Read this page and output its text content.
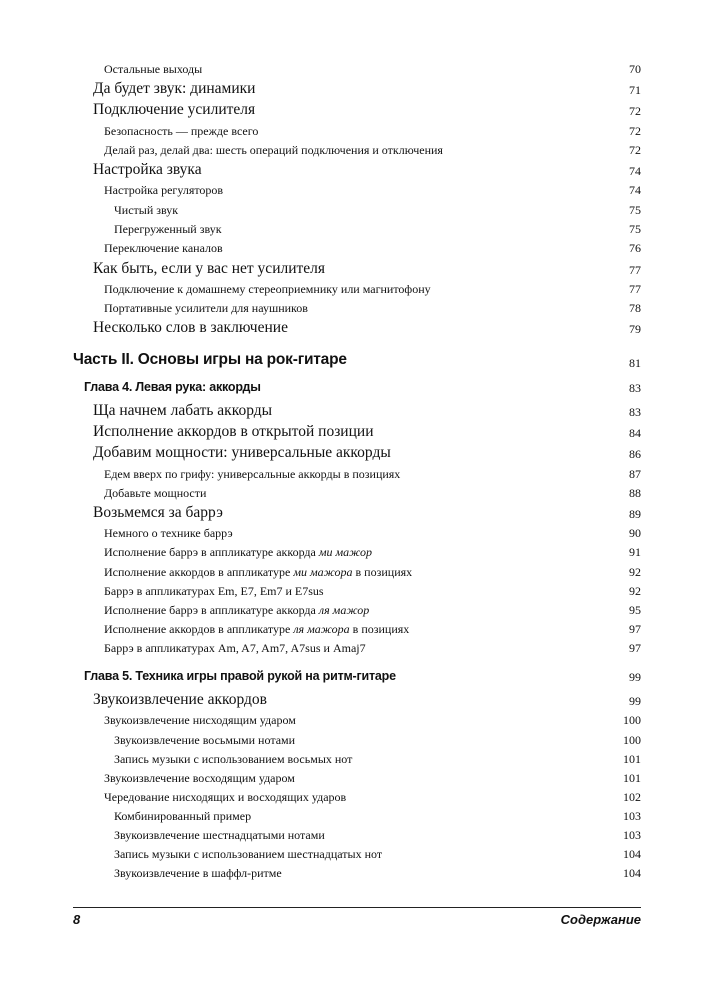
Остальные выходы	70
Да будет звук: динамики	71
Подключение усилителя	72
Безопасность — прежде всего	72
Делай раз, делай два: шесть операций подключения и отключения	72
Настройка звука	74
Настройка регуляторов	74
Чистый звук	75
Перегруженный звук	75
Переключение каналов	76
Как быть, если у вас нет усилителя	77
Подключение к домашнему стереоприемнику или магнитофону	77
Портативные усилители для наушников	78
Несколько слов в заключение	79
Часть II. Основы игры на рок-гитаре	81
Глава 4. Левая рука: аккорды	83
Ща начнем лабать аккорды	83
Исполнение аккордов в открытой позиции	84
Добавим мощности: универсальные аккорды	86
Едем вверх по грифу: универсальные аккорды в позициях	87
Добавьте мощности	88
Возьмемся за баррэ	89
Немного о технике баррэ	90
Исполнение баррэ в аппликатуре аккорда ми мажор	91
Исполнение аккордов в аппликатуре ми мажора в позициях	92
Баррэ в аппликатурах Em, E7, Em7 и E7sus	92
Исполнение баррэ в аппликатуре аккорда ля мажор	95
Исполнение аккордов в аппликатуре ля мажора в позициях	97
Баррэ в аппликатурах Am, A7, Am7, A7sus и Amaj7	97
Глава 5. Техника игры правой рукой на ритм-гитаре	99
Звукоизвлечение аккордов	99
Звукоизвлечение нисходящим ударом	100
Звукоизвлечение восьмыми нотами	100
Запись музыки с использованием восьмых нот	101
Звукоизвлечение восходящим ударом	101
Чередование нисходящих и восходящих ударов	102
Комбинированный пример	103
Звукоизвлечение шестнадцатыми нотами	103
Запись музыки с использованием шестнадцатых нот	104
Звукоизвлечение в шаффл-ритме	104
8	Содержание
